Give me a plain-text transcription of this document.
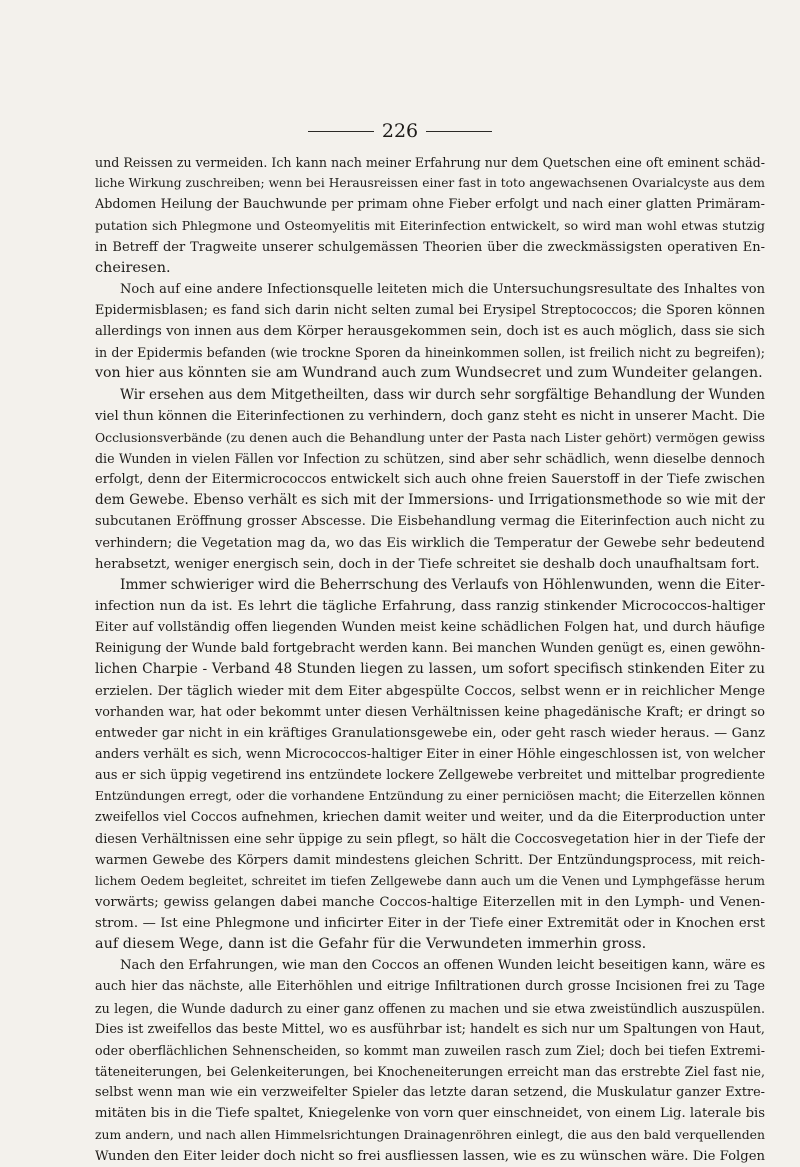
226
und Reissen zu vermeiden. Ich kann nach meiner Erfahrung nur dem Quetschen eine oft eminent schäd-
liche Wirkung zuschreiben; wenn bei Herausreissen einer fast in toto angewachsenen Ovarialcyste aus dem
Abdomen Heilung der Bauchwunde per primam ohne Fieber erfolgt und nach einer glatten Primäram-
putation sich Phlegmone und Osteomyelitis mit Eiterinfection entwickelt, so wird man wohl etwas stutzig
in Betreff der Tragweite unserer schulgemässen Theorien über die zweckmässigsten operativen En-
cheiresen.
Noch auf eine andere Infectionsquelle leiteten mich die Untersuchungsresultate des Inhaltes von
Epidermisblasen; es fand sich darin nicht selten zumal bei Erysipel Streptococcos; die Sporen können
allerdings von innen aus dem Körper herausgekommen sein, doch ist es auch möglich, dass sie sich
in der Epidermis befanden (wie trockne Sporen da hineinkommen sollen, ist freilich nicht zu begreifen);
von hier aus könnten sie am Wundrand auch zum Wundsecret und zum Wundeiter gelangen.
Wir ersehen aus dem Mitgetheilten, dass wir durch sehr sorgfältige Behandlung der Wunden
viel thun können die Eiterinfectionen zu verhindern, doch ganz steht es nicht in unserer Macht. Die
Occlusionsverbände (zu denen auch die Behandlung unter der Pasta nach Lister gehört) vermögen gewiss
die Wunden in vielen Fällen vor Infection zu schützen, sind aber sehr schädlich, wenn dieselbe dennoch
erfolgt, denn der Eitermicrococcos entwickelt sich auch ohne freien Sauerstoff in der Tiefe zwischen
dem Gewebe. Ebenso verhält es sich mit der Immersions- und Irrigationsmethode so wie mit der
subcutanen Eröffnung grosser Abscesse. Die Eisbehandlung vermag die Eiterinfection auch nicht zu
verhindern; die Vegetation mag da, wo das Eis wirklich die Temperatur der Gewebe sehr bedeutend
herabsetzt, weniger energisch sein, doch in der Tiefe schreitet sie deshalb doch unaufhaltsam fort.
Immer schwieriger wird die Beherrschung des Verlaufs von Höhlenwunden, wenn die Eiter-
infection nun da ist. Es lehrt die tägliche Erfahrung, dass ranzig stinkender Micrococcos-haltiger
Eiter auf vollständig offen liegenden Wunden meist keine schädlichen Folgen hat, und durch häufige
Reinigung der Wunde bald fortgebracht werden kann. Bei manchen Wunden genügt es, einen gewöhn-
lichen Charpie - Verband 48 Stunden liegen zu lassen, um sofort specifisch stinkenden Eiter zu
erzielen. Der täglich wieder mit dem Eiter abgespülte Coccos, selbst wenn er in reichlicher Menge
vorhanden war, hat oder bekommt unter diesen Verhältnissen keine phagedänische Kraft; er dringt so
entweder gar nicht in ein kräftiges Granulationsgewebe ein, oder geht rasch wieder heraus. — Ganz
anders verhält es sich, wenn Micrococcos-haltiger Eiter in einer Höhle eingeschlossen ist, von welcher
aus er sich üppig vegetirend ins entzündete lockere Zellgewebe verbreitet und mittelbar progrediente
Entzündungen erregt, oder die vorhandene Entzündung zu einer perniciösen macht; die Eiterzellen können
zweifellos viel Coccos aufnehmen, kriechen damit weiter und weiter, und da die Eiterproduction unter
diesen Verhältnissen eine sehr üppige zu sein pflegt, so hält die Coccosvegetation hier in der Tiefe der
warmen Gewebe des Körpers damit mindestens gleichen Schritt. Der Entzündungsprocess, mit reich-
lichem Oedem begleitet, schreitet im tiefen Zellgewebe dann auch um die Venen und Lymphgefässe herum
vorwärts; gewiss gelangen dabei manche Coccos-haltige Eiterzellen mit in den Lymph- und Venen-
strom. — Ist eine Phlegmone und inficirter Eiter in der Tiefe einer Extremität oder in Knochen erst
auf diesem Wege, dann ist die Gefahr für die Verwundeten immerhin gross.
Nach den Erfahrungen, wie man den Coccos an offenen Wunden leicht beseitigen kann, wäre es
auch hier das nächste, alle Eiterhöhlen und eitrige Infiltrationen durch grosse Incisionen frei zu Tage
zu legen, die Wunde dadurch zu einer ganz offenen zu machen und sie etwa zweistündlich auszuspülen.
Dies ist zweifellos das beste Mittel, wo es ausführbar ist; handelt es sich nur um Spaltungen von Haut,
oder oberflächlichen Sehnenscheiden, so kommt man zuweilen rasch zum Ziel; doch bei tiefen Extremi-
täteneiterungen, bei Gelenkeiterungen, bei Knocheneiterungen erreicht man das erstrebte Ziel fast nie,
selbst wenn man wie ein verzweifelter Spieler das letzte daran setzend, die Muskulatur ganzer Extre-
mitäten bis in die Tiefe spaltet, Kniegelenke von vorn quer einschneidet, von einem Lig. laterale bis
zum andern, und nach allen Himmelsrichtungen Drainagenröhren einlegt, die aus den bald verquellenden
Wunden den Eiter leider doch nicht so frei ausfliessen lassen, wie es zu wünschen wäre. Die Folgen
